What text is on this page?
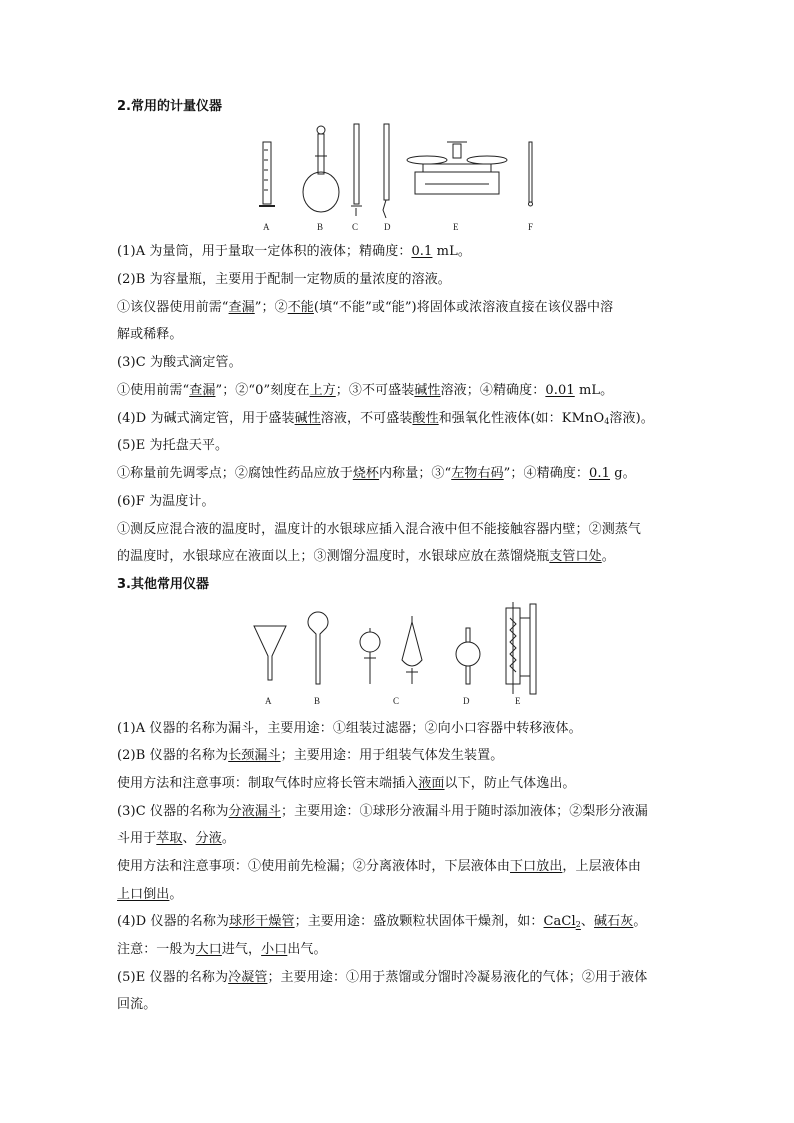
2.常用的计量仪器
A	B	C	D	E	F
(1)A 为量筒，用于量取一定体积的液体；精确度：0.1 mL。
(2)B 为容量瓶，主要用于配制一定物质的量浓度的溶液。
①该仪器使用前需“查漏”；②不能(填“不能”或“能”)将固体或浓溶液直接在该仪器中溶
解或稀释。
(3)C 为酸式滴定管。
①使用前需“查漏”；②“0”刻度在上方；③不可盛装碱性溶液；④精确度：0.01 mL。
(4)D 为碱式滴定管，用于盛装碱性溶液，不可盛装酸性和强氧化性液体(如：KMnO$_4$溶液)。
(5)E 为托盘天平。
①称量前先调零点；②腐蚀性药品应放于烧杯内称量；③“左物右码”；④精确度：0.1 g。
(6)F 为温度计。
①测反应混合液的温度时，温度计的水银球应插入混合液中但不能接触容器内壁；②测蒸气
的温度时，水银球应在液面以上；③测馏分温度时，水银球应放在蒸馏烧瓶支管口处。
3.其他常用仪器
A	B	C	D	E
(1)A 仪器的名称为漏斗，主要用途：①组装过滤器；②向小口容器中转移液体。
(2)B 仪器的名称为长颈漏斗；主要用途：用于组装气体发生装置。
使用方法和注意事项：制取气体时应将长管末端插入液面以下，防止气体逸出。
(3)C 仪器的名称为分液漏斗；主要用途：①球形分液漏斗用于随时添加液体；②梨形分液漏
斗用于萃取、分液。
使用方法和注意事项：①使用前先检漏；②分离液体时，下层液体由下口放出，上层液体由
上口倒出。
(4)D 仪器的名称为球形干燥管；主要用途：盛放颗粒状固体干燥剂，如：CaCl$_2$、碱石灰。
注意：一般为大口进气，小口出气。
(5)E 仪器的名称为冷凝管；主要用途：①用于蒸馏或分馏时冷凝易液化的气体；②用于液体
回流。
